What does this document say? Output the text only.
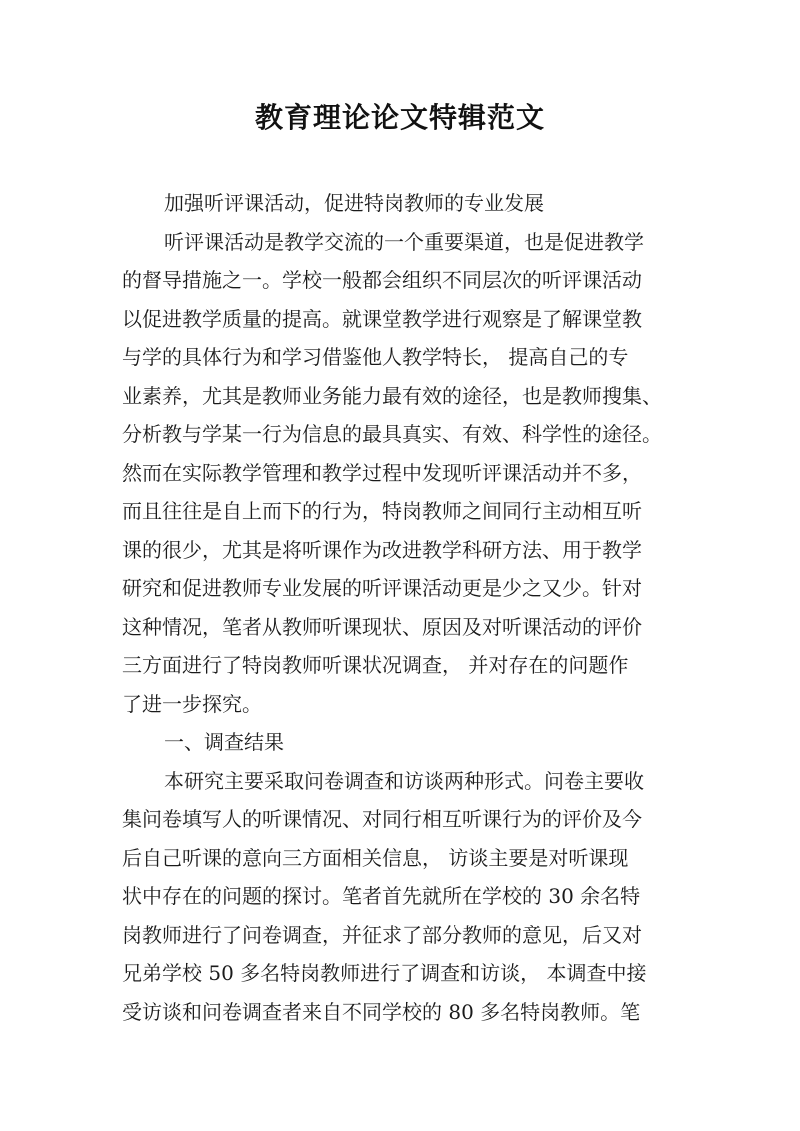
教育理论论文特辑范文
加强听评课活动，促进特岗教师的专业发展
听评课活动是教学交流的一个重要渠道，也是促进教学
的督导措施之一。学校一般都会组织不同层次的听评课活动
以促进教学质量的提高。就课堂教学进行观察是了解课堂教
与学的具体行为和学习借鉴他人教学特长， 提高自己的专
业素养，尤其是教师业务能力最有效的途径，也是教师搜集、
分析教与学某一行为信息的最具真实、有效、科学性的途径。
然而在实际教学管理和教学过程中发现听评课活动并不多，
而且往往是自上而下的行为，特岗教师之间同行主动相互听
课的很少，尤其是将听课作为改进教学科研方法、用于教学
研究和促进教师专业发展的听评课活动更是少之又少。针对
这种情况，笔者从教师听课现状、原因及对听课活动的评价
三方面进行了特岗教师听课状况调查， 并对存在的问题作
了进一步探究。
一、调查结果
本研究主要采取问卷调查和访谈两种形式。问卷主要收
集问卷填写人的听课情况、对同行相互听课行为的评价及今
后自己听课的意向三方面相关信息， 访谈主要是对听课现
状中存在的问题的探讨。笔者首先就所在学校的 30 余名特
岗教师进行了问卷调查，并征求了部分教师的意见，后又对
兄弟学校 50 多名特岗教师进行了调查和访谈， 本调查中接
受访谈和问卷调查者来自不同学校的 80 多名特岗教师。笔
